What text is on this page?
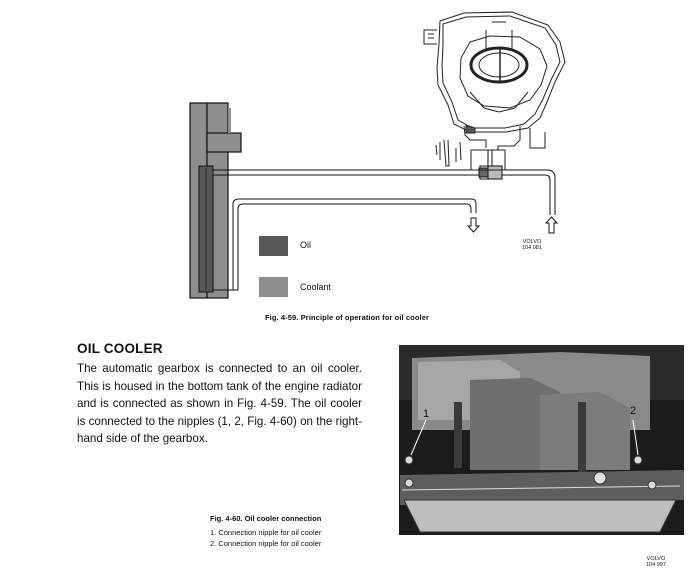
VOLVO
104 081
Oil
Coolant
Fig. 4-59. Principle of operation for oil cooler
OIL COOLER
The automatic gearbox is connected to an oil cooler. This is housed in the bottom tank of the engine radiator and is connected as shown in Fig. 4-59. The oil cooler is connected to the nipples (1, 2, Fig. 4-60) on the right-hand side of the gearbox.
1	2
Fig. 4-60. Oil cooler connection
1. Connection nipple for oil cooler
2. Connection nipple for oil cooler
VOLVO
104 997
